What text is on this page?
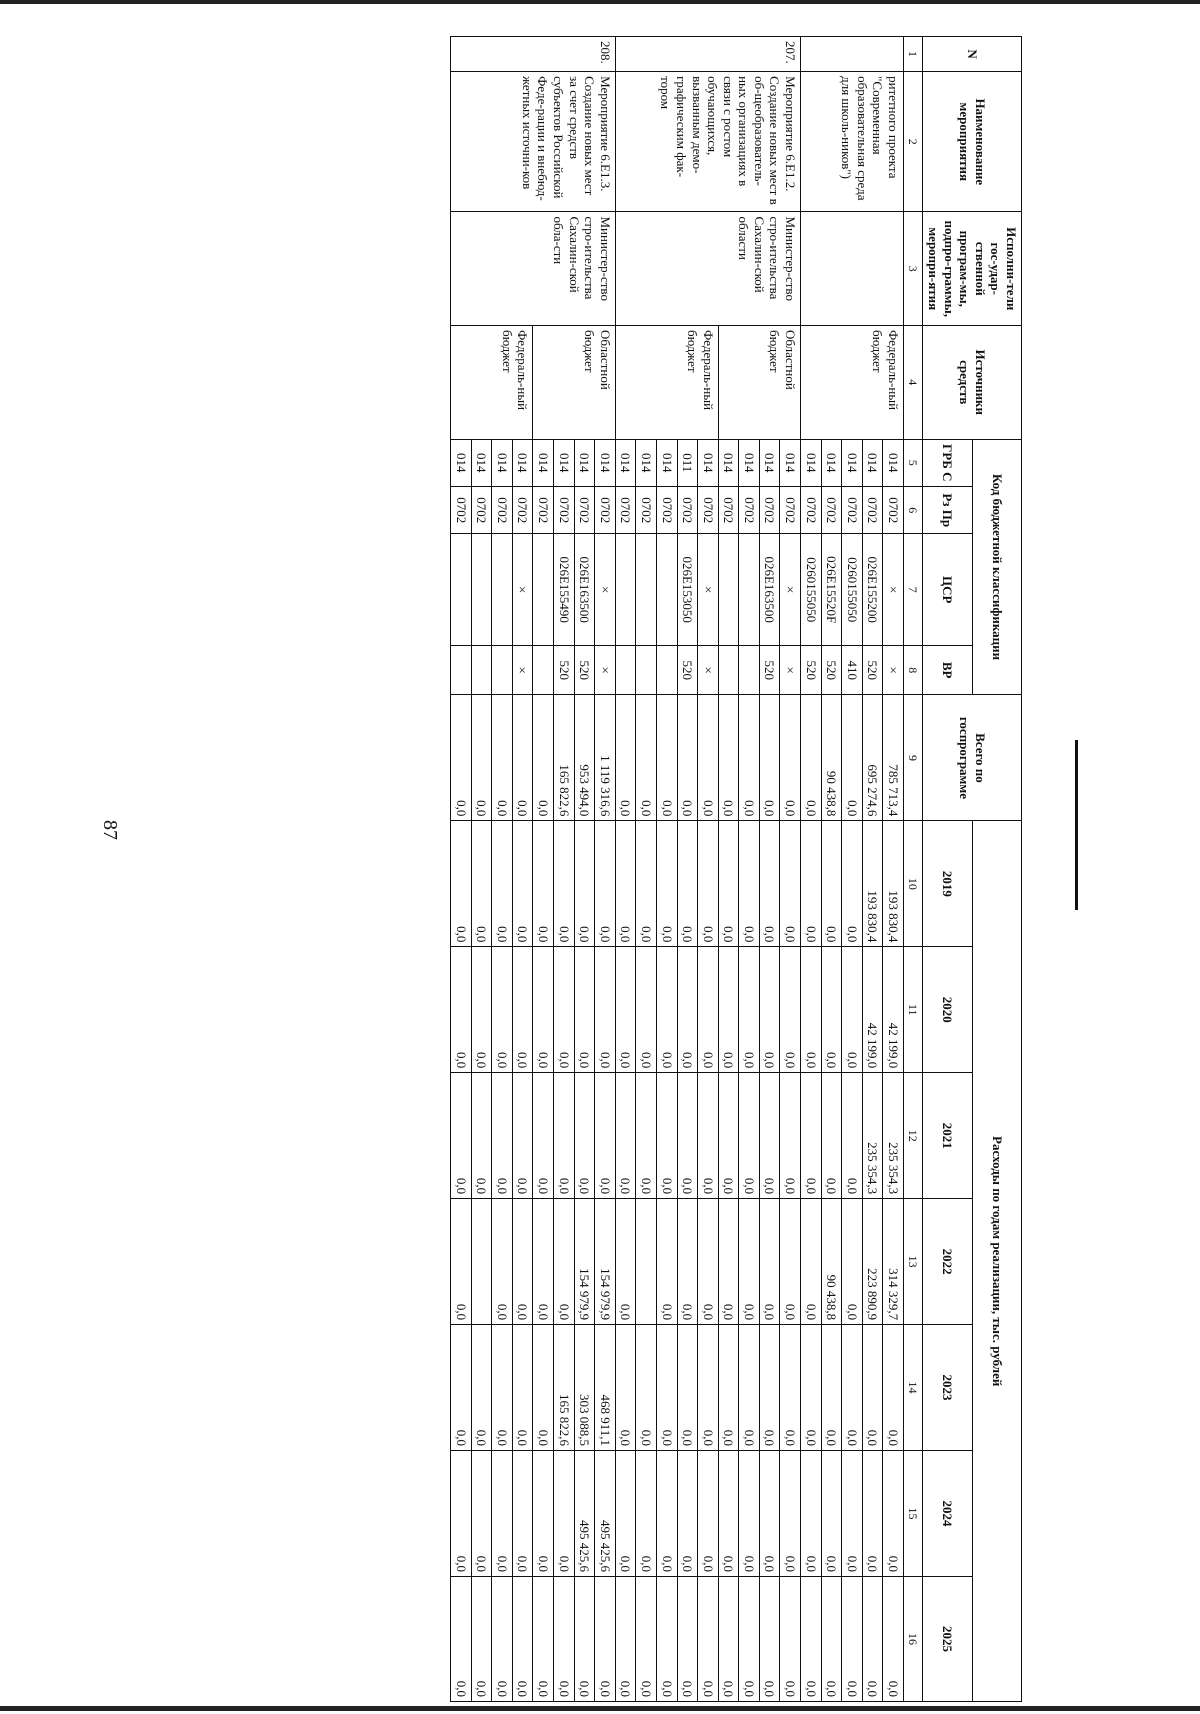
87
N	Наименование мероприятия	Исполни-тели гос-удар-ственной програм-мы, подпро-граммы, меропри-ятия	Источники средств	Код бюджетной классификации				Всего по госпрограмме	Расходы по годам реализации, тыс. рублей						
				ГРБ С	Рз Пр	ЦСР	ВР		2019	2020	2021	2022	2023	2024	2025
1	2	3	4	5	6	7	8	9	10	11	12	13	14	15	16
	ритетного проекта "Современная образовательная среда для школь-ников")		Федераль-ный бюджет	014	0702	×	×	785 713,4	193 830,4	42 199,0	235 354,3	314 329,7	0,0	0,0	0,0
				014	0702	026E155200	520	695 274,6	193 830,4	42 199,0	235 354,3	223 890,9	0,0	0,0	0,0
				014	0702	0260155050	410	0,0	0,0	0,0	0,0	0,0	0,0	0,0	0,0
				014	0702	026E15520F	520	90 438,8	0,0	0,0	0,0	90 438,8	0,0	0,0	0,0
				014	0702	0260155050	520	0,0	0,0	0,0	0,0	0,0	0,0	0,0	0,0
207.	Мероприятие 6.E1.2. Создание новых мест в об-щеобразователь-ных организациях в связи с ростом обучающихся, вызванным демо-графическим фак-тором	Министер-ство стро-ительства Сахалин-ской области	Областной бюджет	014	0702	×	×	0,0	0,0	0,0	0,0	0,0	0,0	0,0	0,0
				014	0702	026E163500	520	0,0	0,0	0,0	0,0	0,0	0,0	0,0	0,0
				014	0702			0,0	0,0	0,0	0,0	0,0	0,0	0,0	0,0
				014	0702			0,0	0,0	0,0	0,0	0,0	0,0	0,0	0,0
			Федераль-ный бюджет	014	0702	×	×	0,0	0,0	0,0	0,0	0,0	0,0	0,0	0,0
				011	0702	026E153050	520	0,0	0,0	0,0	0,0	0,0	0,0	0,0	0,0
				014	0702			0,0	0,0	0,0	0,0	0,0	0,0	0,0	0,0
				014	0702			0,0	0,0	0,0	0,0		0,0	0,0	0,0
				014	0702			0,0	0,0	0,0	0,0	0,0	0,0	0,0	0,0
208.	Мероприятие 6.E1.3. Создание новых мест за счет средств субъектов Российской Феде-рации и внебюд-жетных источни-ков	Министер-ство стро-ительства Сахалин-ской обла-сти	Областной бюджет	014	0702	×	×	1 119 316,6	0,0	0,0	0,0	154 979,9	468 911,1	495 425,6	0,0
				014	0702	026E163500	520	953 494,0	0,0	0,0	0,0	154 979,9	303 088,5	495 425,6	0,0
				014	0702	026E155490	520	165 822,6	0,0	0,0	0,0	0,0	165 822,6	0,0	0,0
				014	0702			0,0	0,0	0,0	0,0	0,0	0,0	0,0	0,0
			Федераль-ный бюджет	014	0702	×	×	0,0	0,0	0,0	0,0	0,0	0,0	0,0	0,0
				014	0702			0,0	0,0	0,0	0,0	0,0	0,0	0,0	0,0
				014	0702			0,0	0,0	0,0	0,0		0,0	0,0	0,0
				014	0702			0,0	0,0	0,0	0,0	0,0	0,0	0,0	0,0
